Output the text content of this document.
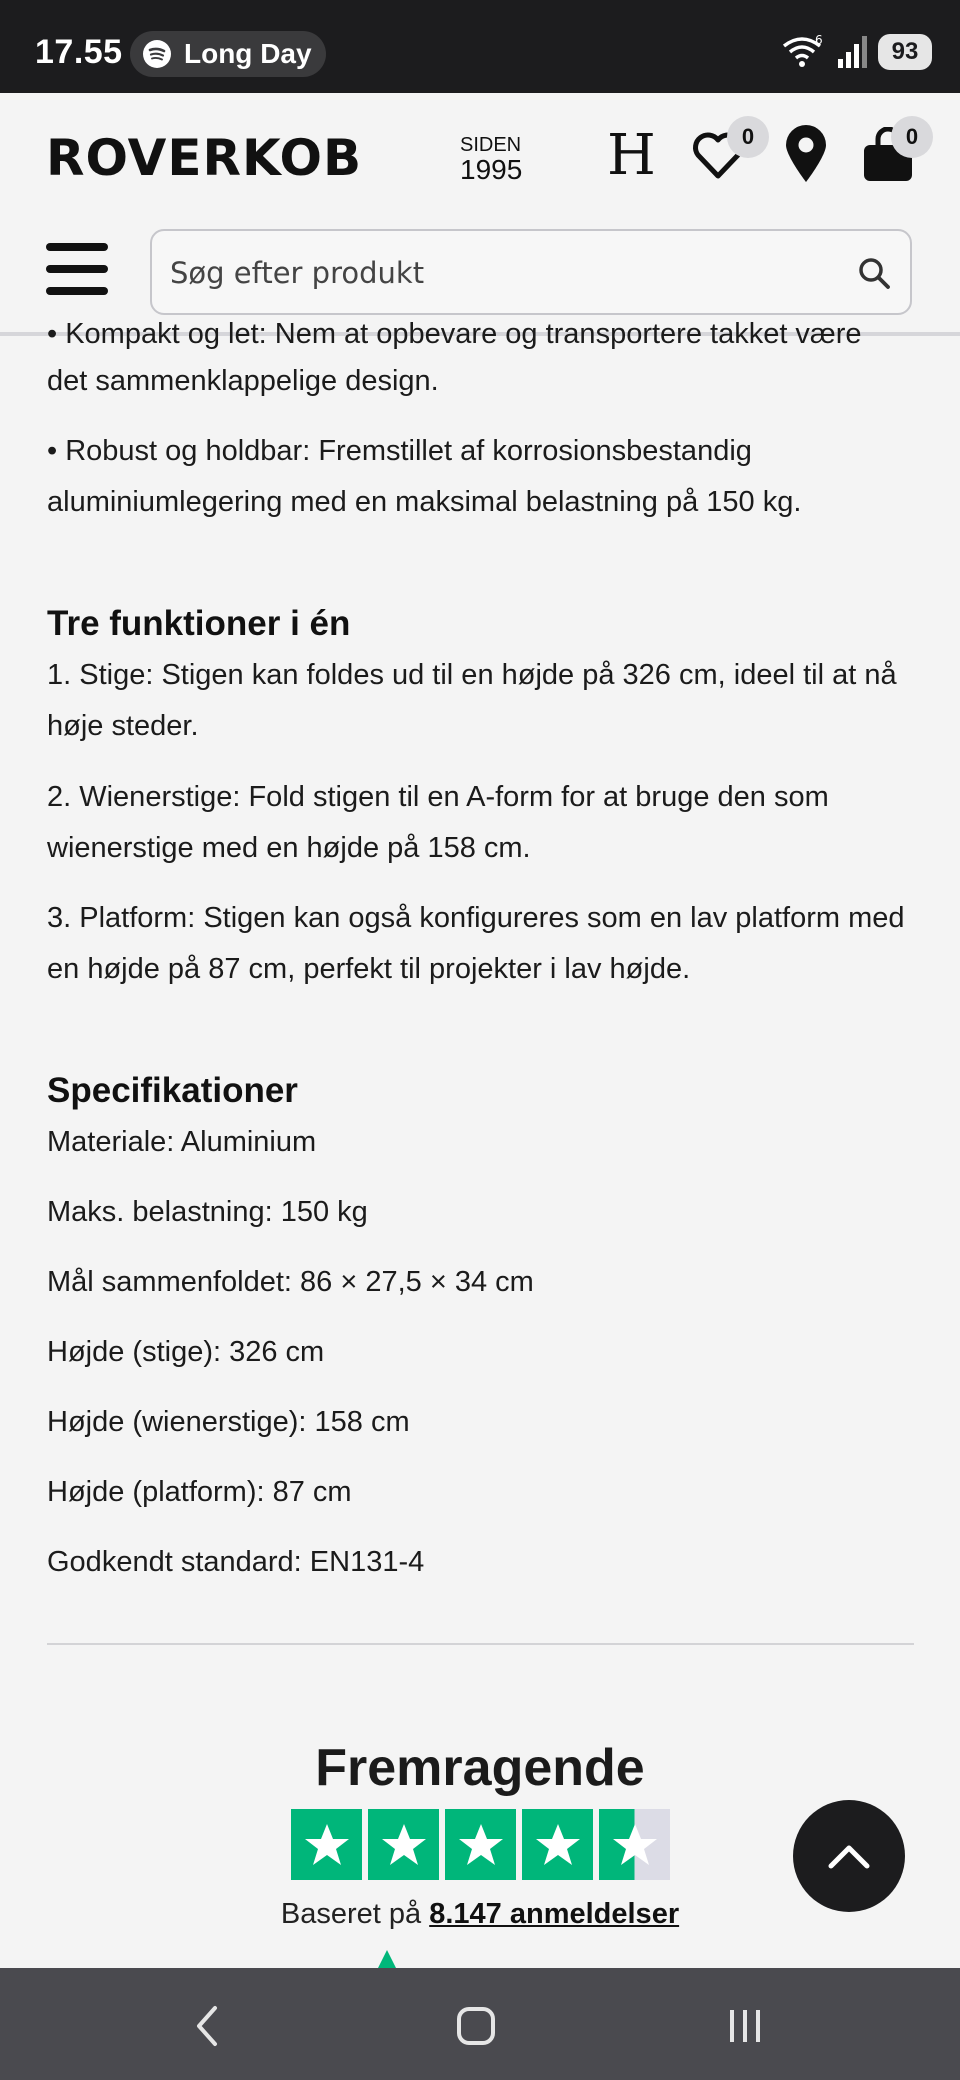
17.55 Long Day	6	93
ROVERKOB	SIDEN
1995 H	0	0
Søg efter produkt
• Kompakt og let: Nem at opbevare og transportere takket være
det sammenklappelige design.
• Robust og holdbar: Fremstillet af korrosionsbestandig aluminiumlegering med en maksimal belastning på 150 kg.
Tre funktioner i én
1. Stige: Stigen kan foldes ud til en højde på 326 cm, ideel til at nå høje steder.
2. Wienerstige: Fold stigen til en A-form for at bruge den som wienerstige med en højde på 158 cm.
3. Platform: Stigen kan også konfigureres som en lav platform med en højde på 87 cm, perfekt til projekter i lav højde.
Specifikationer
Materiale: Aluminium
Maks. belastning: 150 kg
Mål sammenfoldet: 86 × 27,5 × 34 cm
Højde (stige): 326 cm
Højde (wienerstige): 158 cm
Højde (platform): 87 cm
Godkendt standard: EN131-4
Fremragende
Baseret på 8.147 anmeldelser
